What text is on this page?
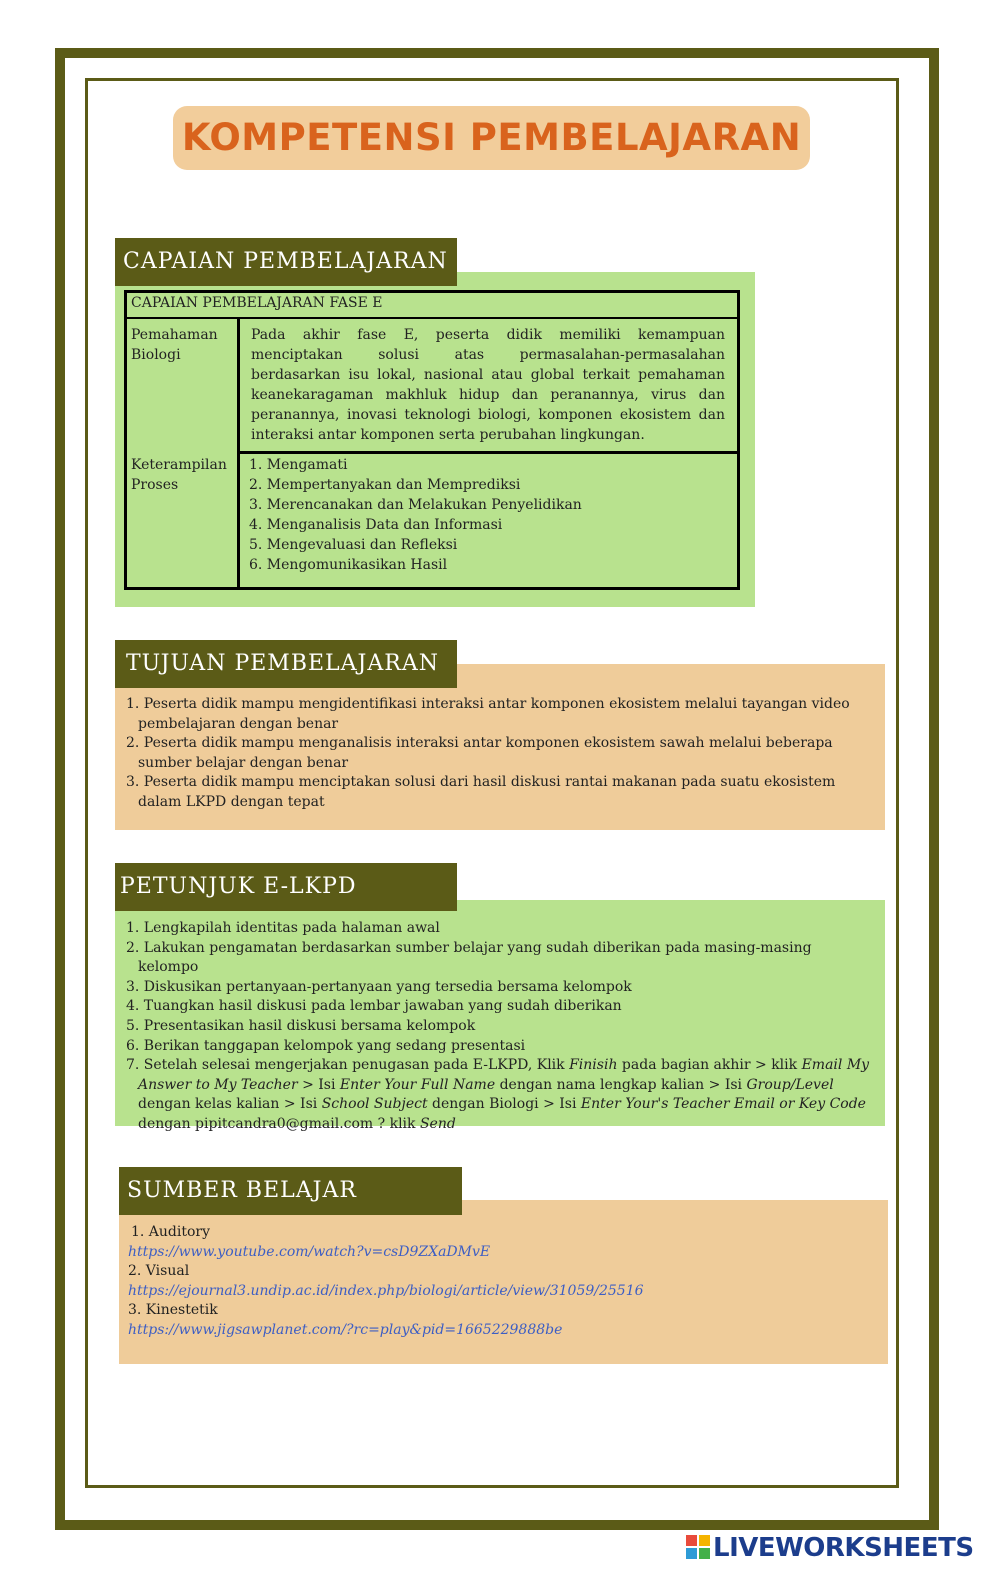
KOMPETENSI PEMBELAJARAN
CAPAIAN PEMBELAJARAN
CAPAIAN PEMBELAJARAN FASE E
Pemahaman Biologi
Pada akhir fase E, peserta didik memiliki kemampuan menciptakan solusi atas permasalahan-permasalahan berdasarkan isu lokal, nasional atau global terkait pemahaman keanekaragaman makhluk hidup dan peranannya, virus dan peranannya, inovasi teknologi biologi, komponen ekosistem dan interaksi antar komponen serta perubahan lingkungan.
Keterampilan Proses
1. Mengamati
2. Mempertanyakan dan Memprediksi
3. Merencanakan dan Melakukan Penyelidikan
4. Menganalisis Data dan Informasi
5. Mengevaluasi dan Refleksi
6. Mengomunikasikan Hasil
TUJUAN PEMBELAJARAN
1. Peserta didik mampu mengidentifikasi interaksi antar komponen ekosistem melalui tayangan video pembelajaran dengan benar
2. Peserta didik mampu menganalisis interaksi antar komponen ekosistem sawah melalui beberapa sumber belajar dengan benar
3. Peserta didik mampu menciptakan solusi dari hasil diskusi rantai makanan pada suatu ekosistem dalam LKPD dengan tepat
PETUNJUK E-LKPD
1. Lengkapilah identitas pada halaman awal
2. Lakukan pengamatan berdasarkan sumber belajar yang sudah diberikan pada masing-masing kelompo
3. Diskusikan pertanyaan-pertanyaan yang tersedia bersama kelompok
4. Tuangkan hasil diskusi pada lembar jawaban yang sudah diberikan
5. Presentasikan hasil diskusi bersama kelompok
6. Berikan tanggapan kelompok yang sedang presentasi
7. Setelah selesai mengerjakan penugasan pada E-LKPD, Klik Finisih pada bagian akhir > klik Email My Answer to My Teacher > Isi Enter Your Full Name dengan nama lengkap kalian > Isi Group/Level dengan kelas kalian > Isi School Subject dengan Biologi > Isi Enter Your's Teacher Email or Key Code dengan pipitcandra0@gmail.com ? klik Send
SUMBER BELAJAR
1. Auditory
https://www.youtube.com/watch?v=csD9ZXaDMvE
2. Visual
https://ejournal3.undip.ac.id/index.php/biologi/article/view/31059/25516
3. Kinestetik
https://www.jigsawplanet.com/?rc=play&pid=1665229888be
LIVEWORKSHEETS
